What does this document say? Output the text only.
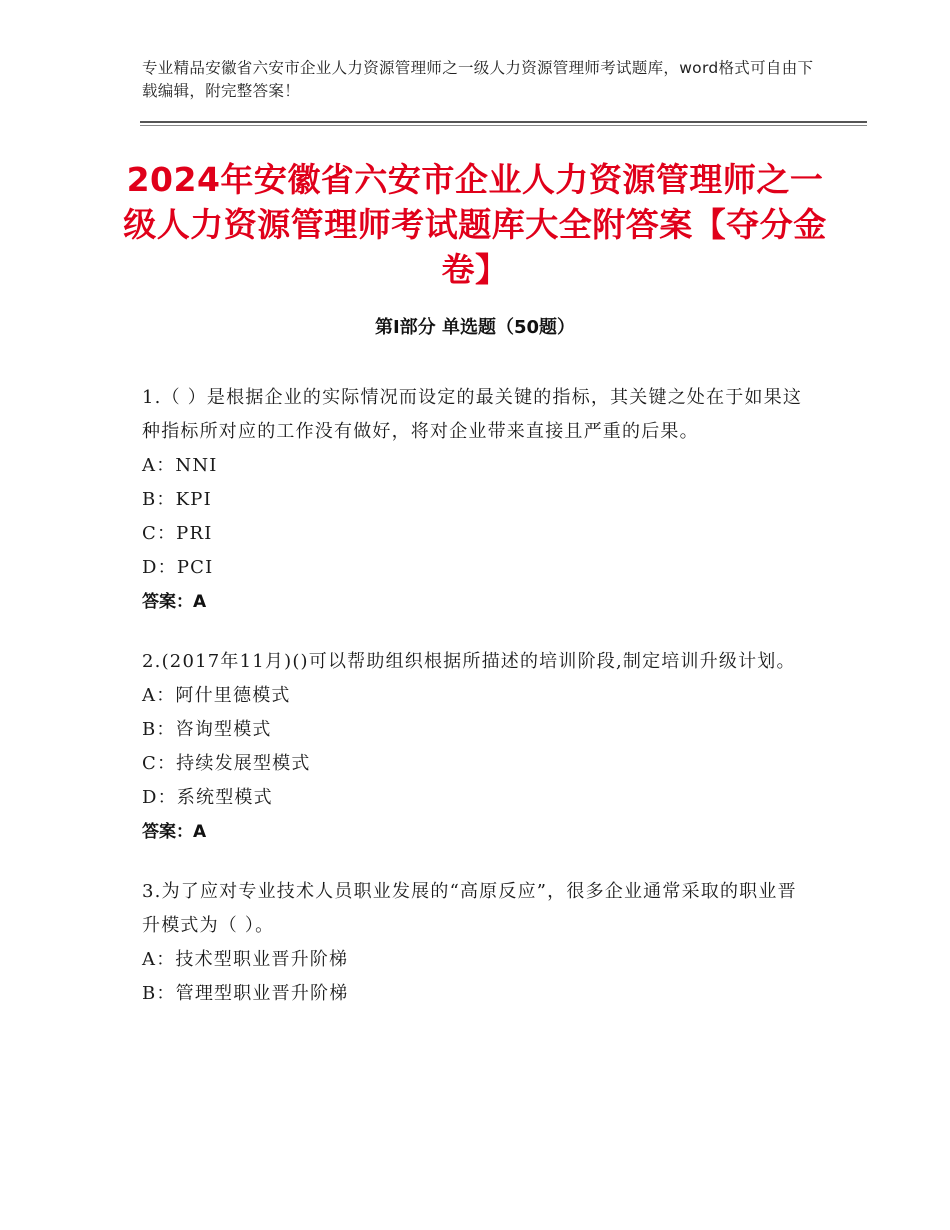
专业精品安徽省六安市企业人力资源管理师之一级人力资源管理师考试题库，word格式可自由下载编辑，附完整答案！
2024年安徽省六安市企业人力资源管理师之一级人力资源管理师考试题库大全附答案【夺分金卷】
第Ⅰ部分 单选题（50题）
1.（ ）是根据企业的实际情况而设定的最关键的指标，其关键之处在于如果这种指标所对应的工作没有做好，将对企业带来直接且严重的后果。
A：NNI
B：KPI
C：PRI
D：PCI
答案：A
2.(2017年11月)()可以帮助组织根据所描述的培训阶段,制定培训升级计划。
A：阿什里德模式
B：咨询型模式
C：持续发展型模式
D：系统型模式
答案：A
3.为了应对专业技术人员职业发展的“高原反应”，很多企业通常采取的职业晋升模式为（ ）。
A：技术型职业晋升阶梯
B：管理型职业晋升阶梯
